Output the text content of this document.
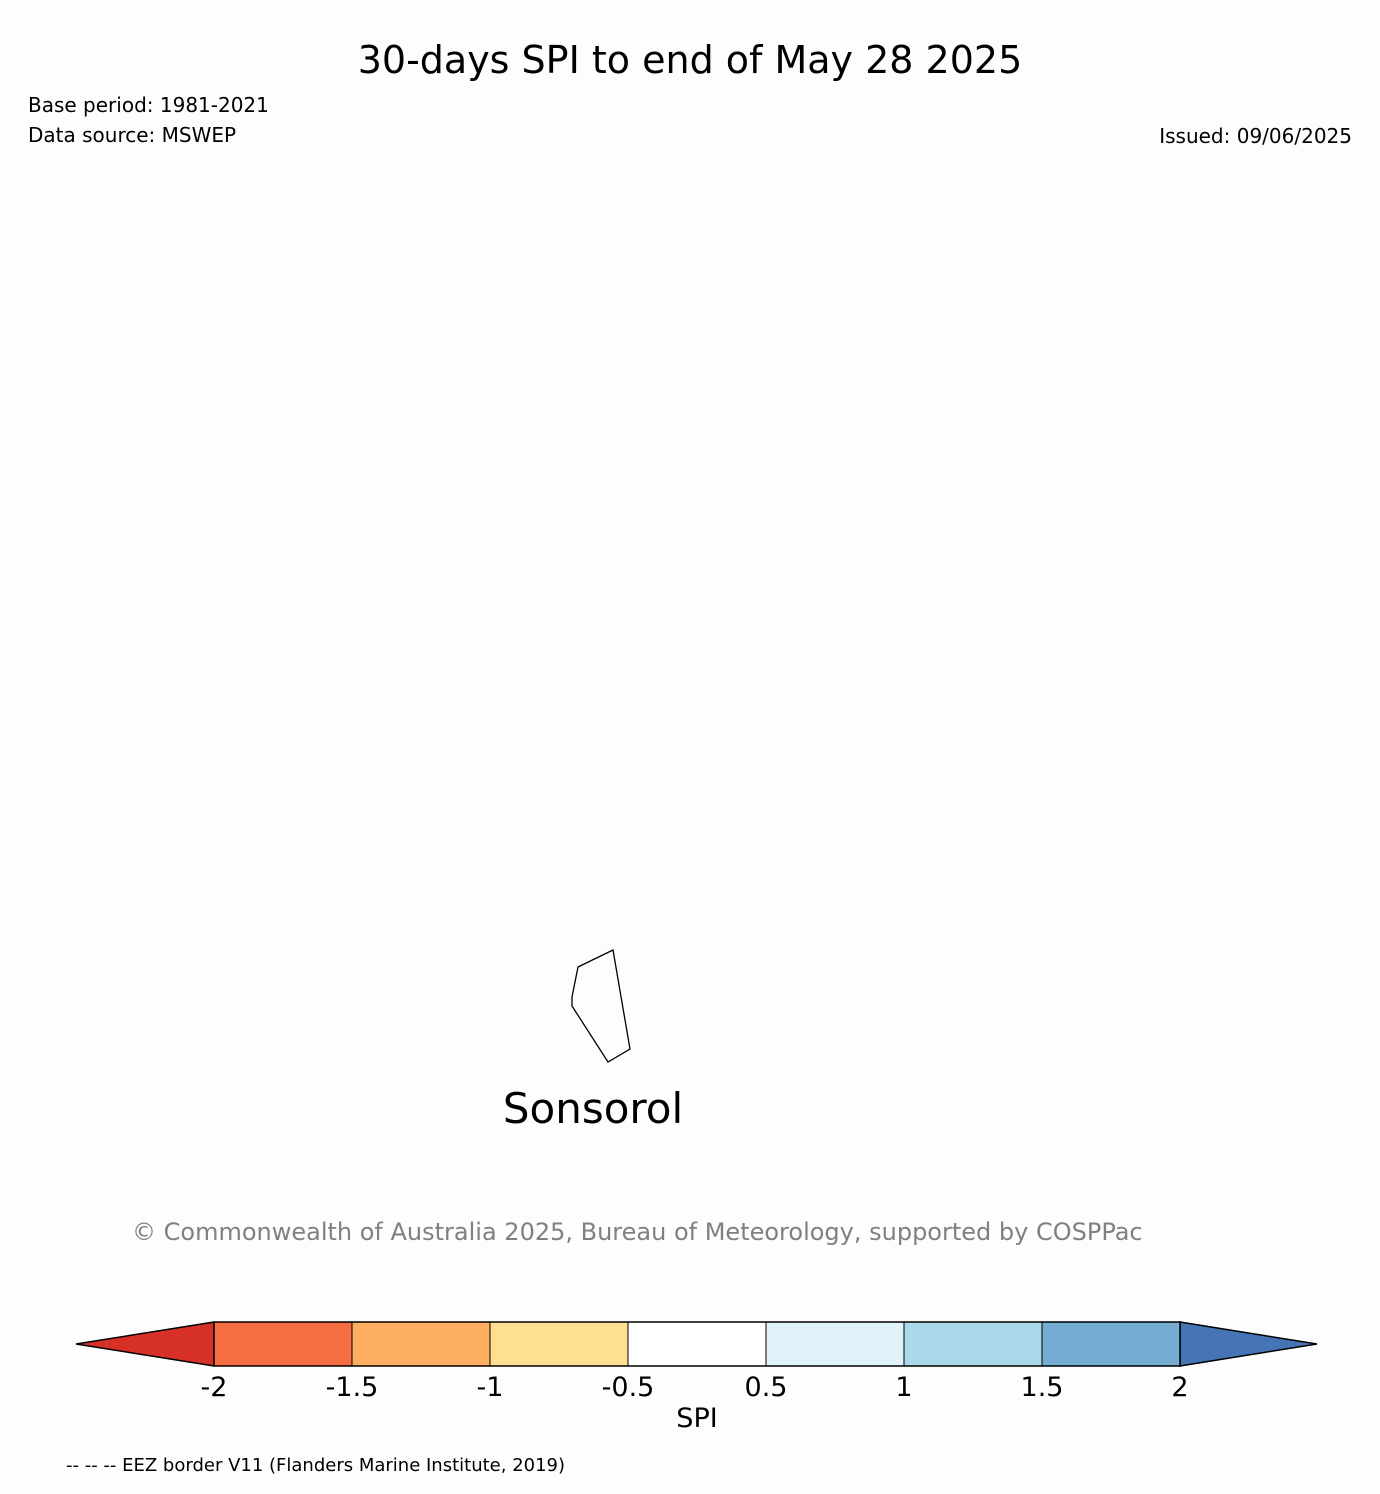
30-days SPI to end of May 28 2025
Base period: 1981-2021
Data source: MSWEP	Issued: 09/06/2025
Sonsorol
© Commonwealth of Australia 2025, Bureau of Meteorology, supported by COSPPac
-2	-1.5	-1	-0.5	0.5	1	1.5	2
SPI
-- -- -- EEZ border V11 (Flanders Marine Institute, 2019)
